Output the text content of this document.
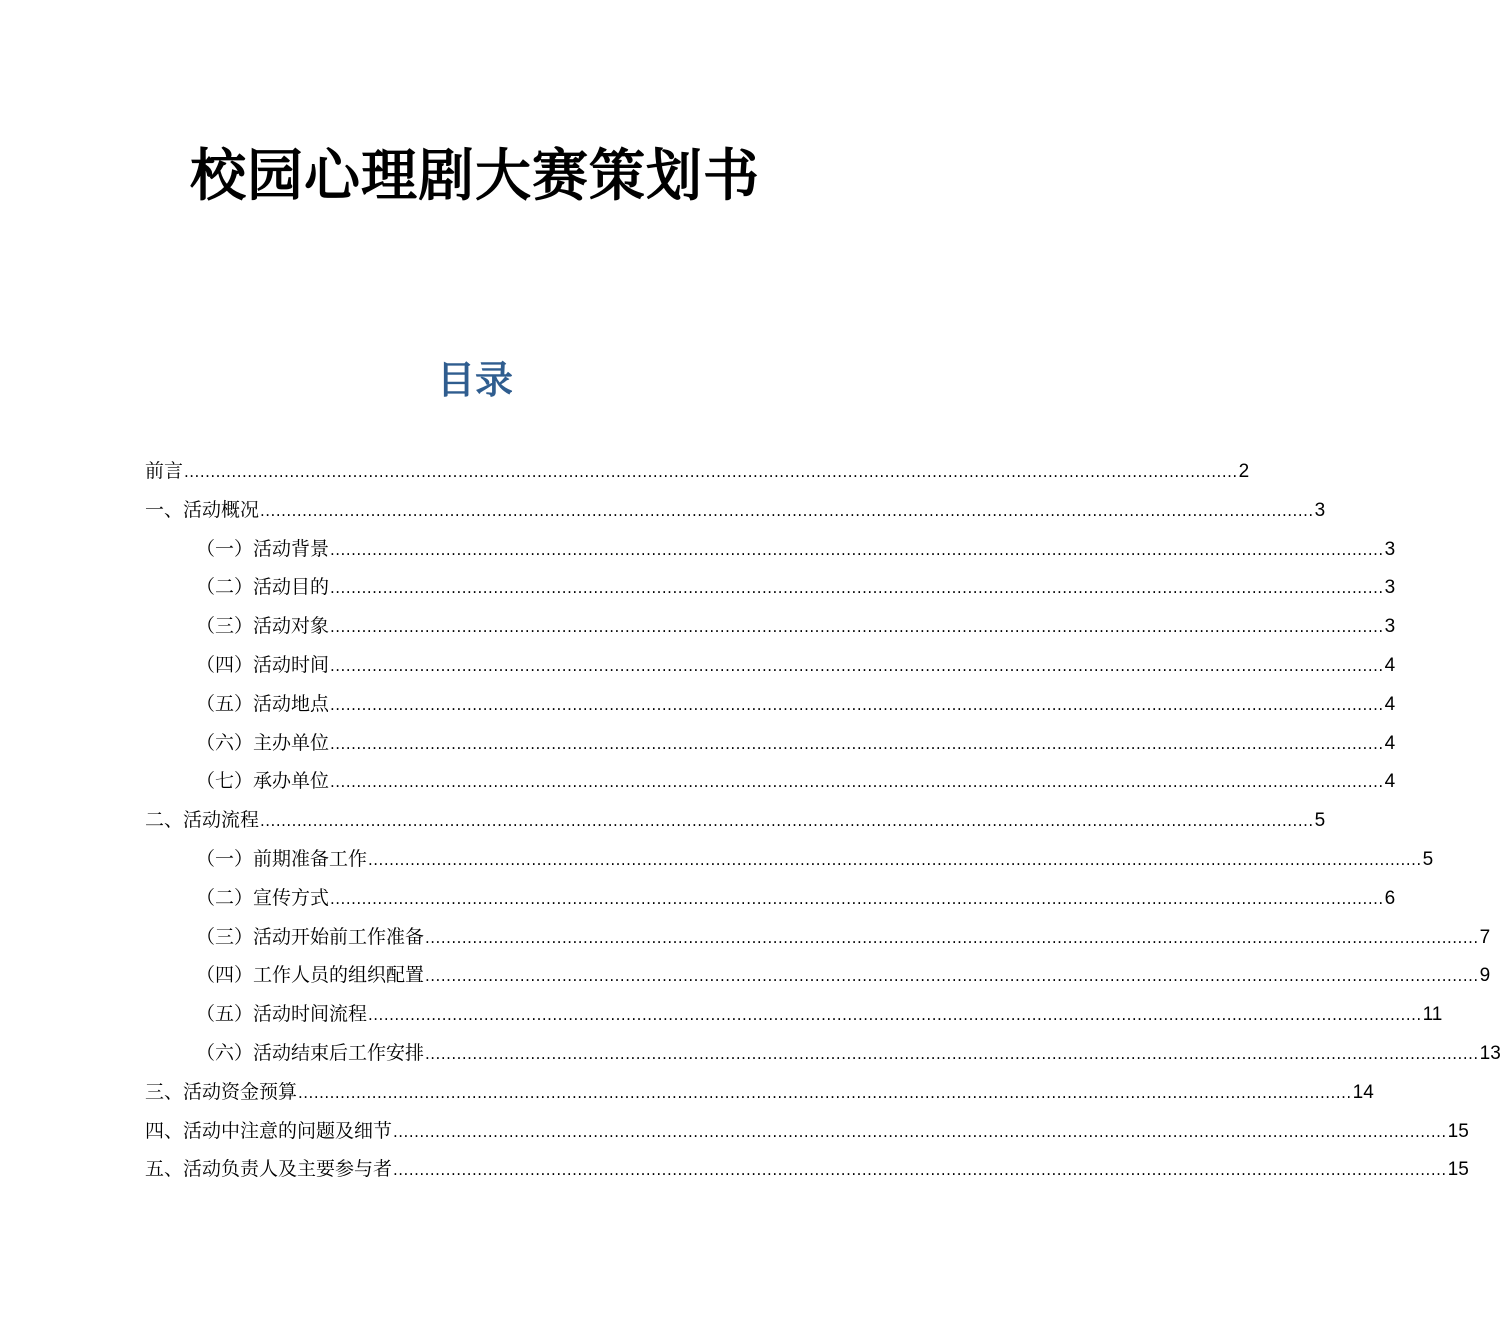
校园心理剧大赛策划书
目录
前言 ........................................................................................................................................................................................................ 2
一、活动概况 ........................................................................................................................................................................................................ 3
（一）活动背景 ........................................................................................................................................................................................................ 3
（二）活动目的 ........................................................................................................................................................................................................ 3
（三）活动对象 ........................................................................................................................................................................................................ 3
（四）活动时间 ........................................................................................................................................................................................................ 4
（五）活动地点 ........................................................................................................................................................................................................ 4
（六）主办单位 ........................................................................................................................................................................................................ 4
（七）承办单位 ........................................................................................................................................................................................................ 4
二、活动流程 ........................................................................................................................................................................................................ 5
（一）前期准备工作 ........................................................................................................................................................................................................ 5
（二）宣传方式 ........................................................................................................................................................................................................ 6
（三）活动开始前工作准备 ........................................................................................................................................................................................................ 7
（四）工作人员的组织配置 ........................................................................................................................................................................................................ 9
（五）活动时间流程 ........................................................................................................................................................................................................ 11
（六）活动结束后工作安排 ........................................................................................................................................................................................................ 13
三、活动资金预算 ........................................................................................................................................................................................................ 14
四、活动中注意的问题及细节 ........................................................................................................................................................................................................ 15
五、活动负责人及主要参与者 ........................................................................................................................................................................................................ 15
